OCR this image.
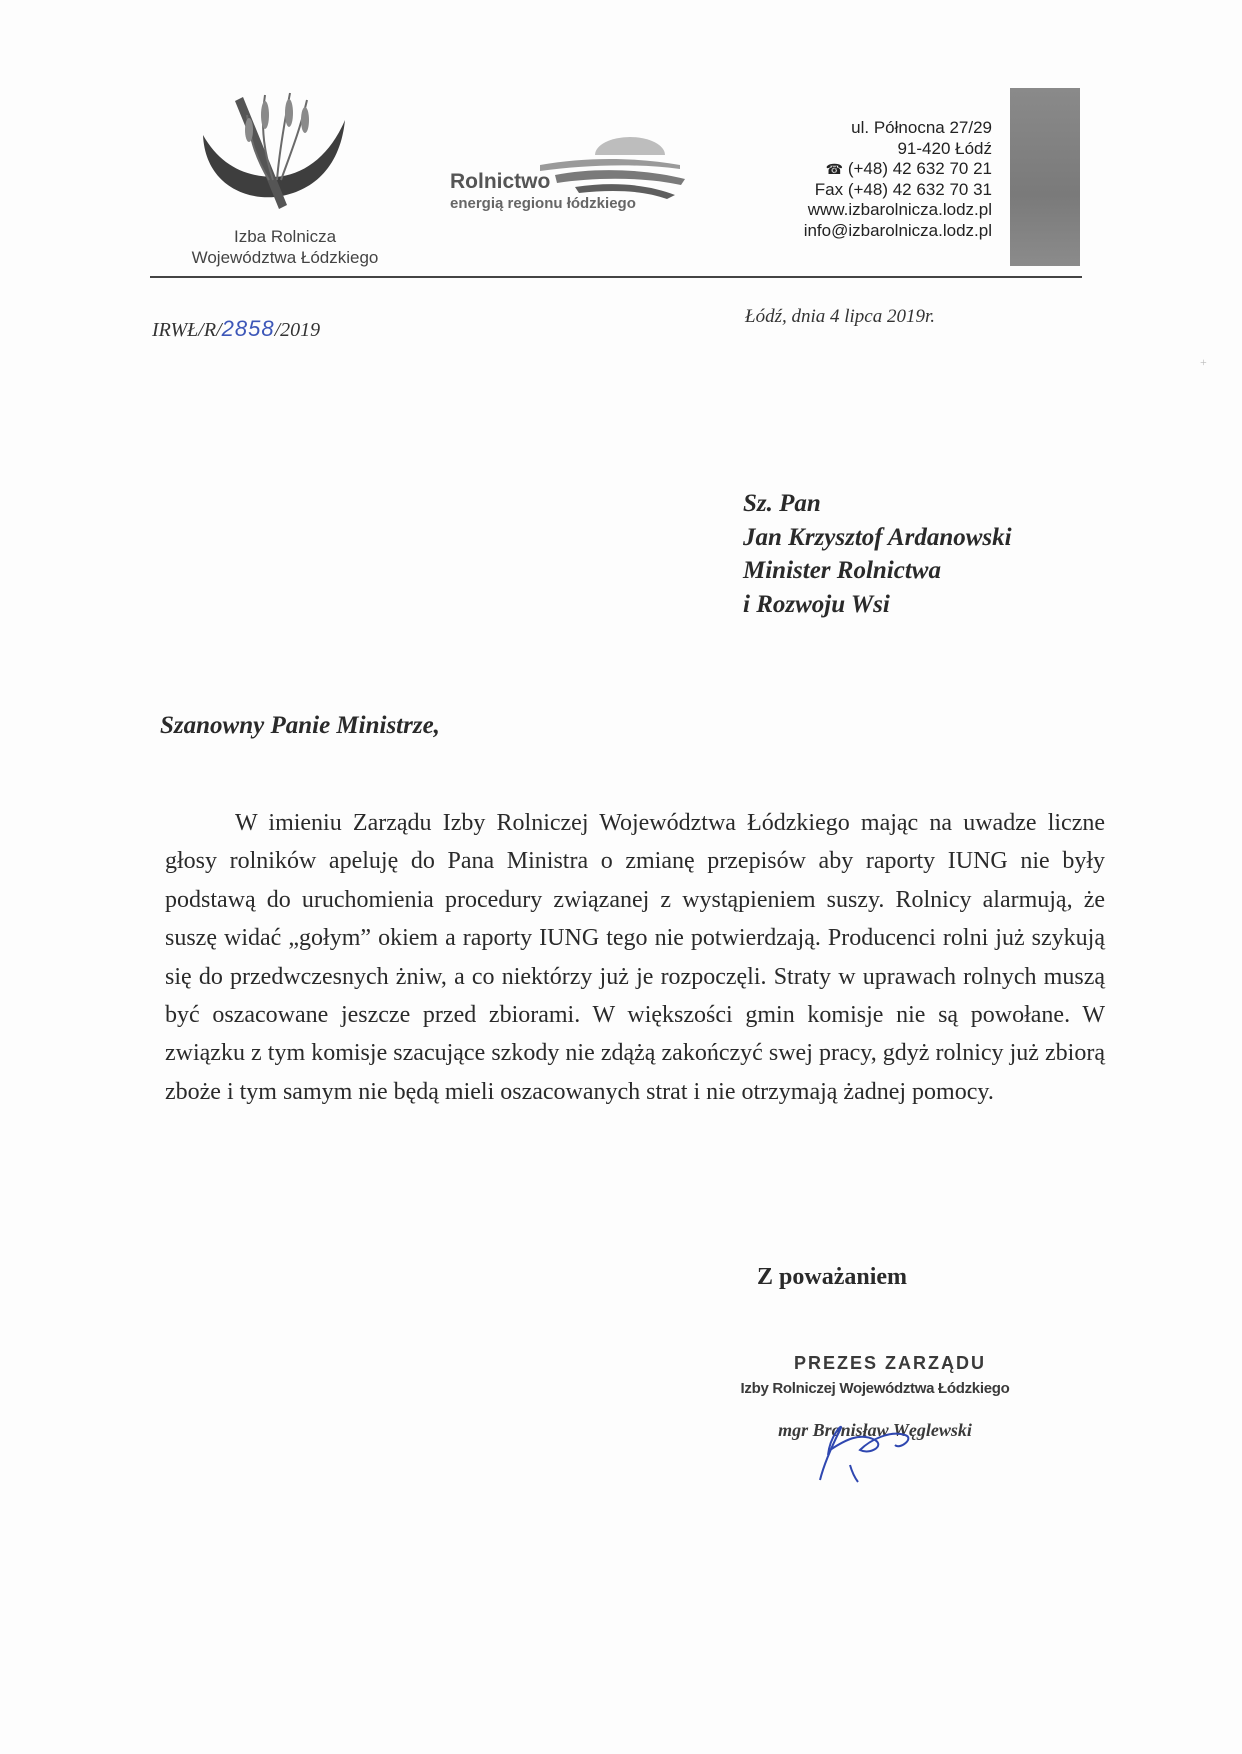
Izba Rolnicza
Województwa Łódzkiego
Rolnictwo
energią regionu łódzkiego
ul. Północna 27/29
91-420 Łódź
☎ (+48) 42 632 70 21
Fax (+48) 42 632 70 31
www.izbarolnicza.lodz.pl
info@izbarolnicza.lodz.pl
IRWŁ/R/2858/2019
Łódź, dnia 4 lipca 2019r.
Sz. Pan
Jan Krzysztof Ardanowski
Minister Rolnictwa
i Rozwoju Wsi
Szanowny Panie Ministrze,

W imieniu Zarządu Izby Rolniczej Województwa Łódzkiego mając na uwadze liczne głosy rolników apeluję do Pana Ministra o zmianę przepisów aby raporty IUNG nie były podstawą do uruchomienia procedury związanej z wystąpieniem suszy. Rolnicy alarmują, że suszę widać „gołym” okiem a raporty IUNG tego nie potwierdzają. Producenci rolni już szykują się do przedwczesnych żniw, a co niektórzy już je rozpoczęli. Straty w uprawach rolnych muszą być oszacowane jeszcze przed zbiorami. W większości gmin komisje nie są powołane. W związku z tym komisje szacujące szkody nie zdążą zakończyć swej pracy, gdyż rolnicy już zbiorą zboże i tym samym nie będą mieli oszacowanych strat i nie otrzymają żadnej pomocy.

Z poważaniem
PREZES ZARZĄDU
Izby Rolniczej Województwa Łódzkiego
mgr Bronisław Węglewski
+
